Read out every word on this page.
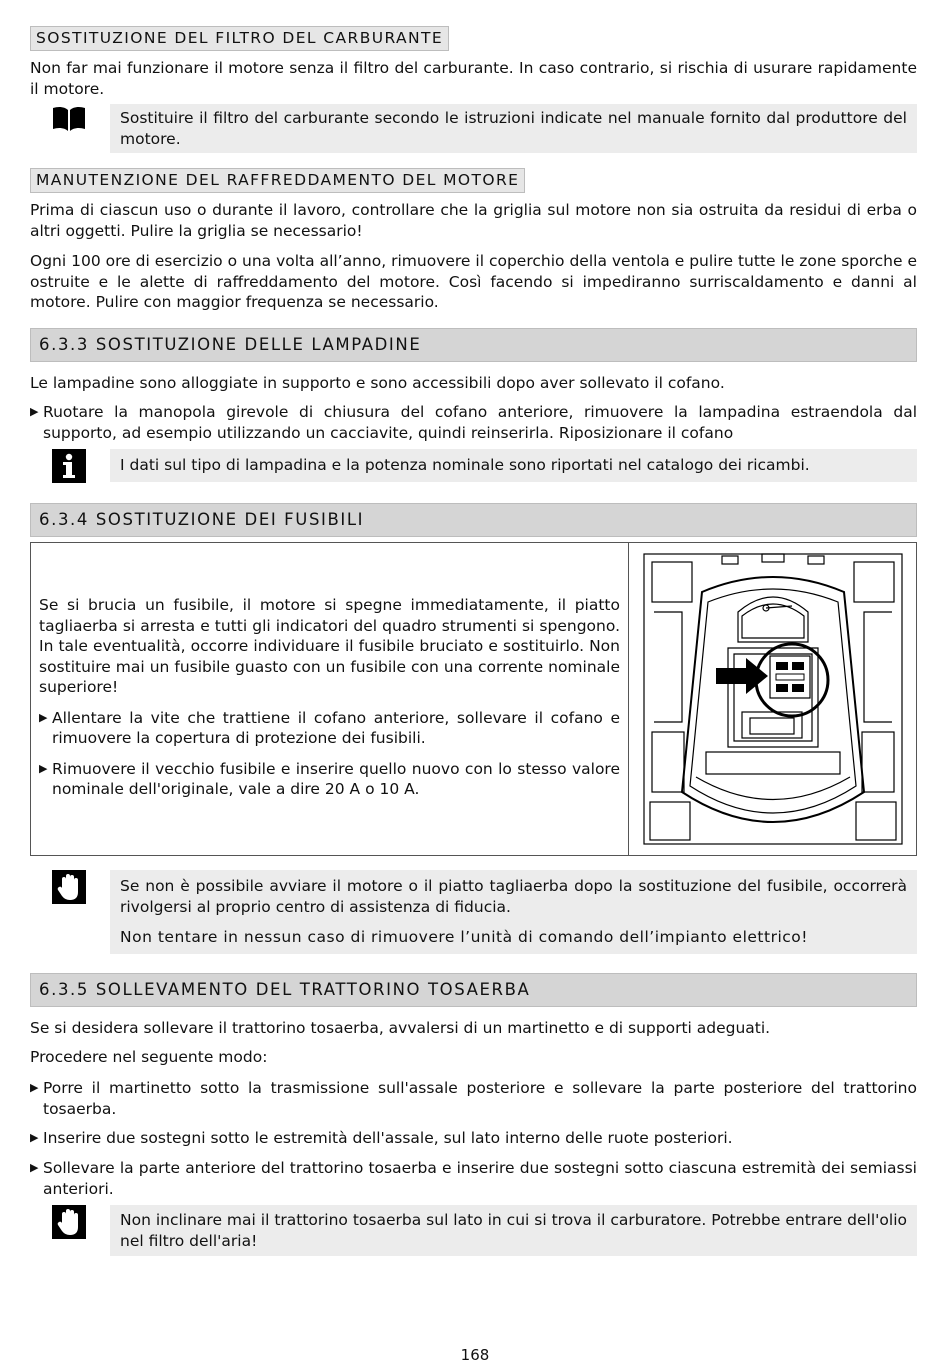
SOSTITUZIONE DEL FILTRO DEL CARBURANTE

Non far mai funzionare il motore senza il filtro del carburante. In caso contrario, si rischia di usurare rapidamente il motore.

Sostituire il filtro del carburante secondo le istruzioni indicate nel manuale fornito dal produttore del motore.

MANUTENZIONE DEL RAFFREDDAMENTO DEL MOTORE

Prima di ciascun uso o durante il lavoro, controllare che la griglia sul motore non sia ostruita da residui di erba o altri oggetti. Pulire la griglia se necessario!

Ogni 100 ore di esercizio o una volta all’anno, rimuovere il coperchio della ventola e pulire tutte le zone sporche e ostruite e le alette di raffreddamento del motore. Così facendo si impediranno surriscaldamento e danni al motore. Pulire con maggior frequenza se necessario.

6.3.3 SOSTITUZIONE DELLE LAMPADINE

Le lampadine sono alloggiate in supporto e sono accessibili dopo aver sollevato il cofano.

▶ Ruotare la manopola girevole di chiusura del cofano anteriore, rimuovere la lampadina estraendola dal supporto, ad esempio utilizzando un cacciavite, quindi reinserirla. Riposizionare il cofano

I dati sul tipo di lampadina e la potenza nominale sono riportati nel catalogo dei ricambi.

6.3.4 SOSTITUZIONE DEI FUSIBILI

Se si brucia un fusibile, il motore si spegne immediatamente, il piatto tagliaerba si arresta e tutti gli indicatori del quadro strumenti si spengono. In tale eventualità, occorre individuare il fusibile bruciato e sostituirlo. Non sostituire mai un fusibile guasto con un fusibile con una corrente nominale superiore!

▶ Allentare la vite che trattiene il cofano anteriore, sollevare il cofano e rimuovere la copertura di protezione dei fusibili.

▶ Rimuovere il vecchio fusibile e inserire quello nuovo con lo stesso valore nominale dell'originale, vale a dire 20 A o 10 A.

Se non è possibile avviare il motore o il piatto tagliaerba dopo la sostituzione del fusibile, occorrerà rivolgersi al proprio centro di assistenza di fiducia.

Non tentare in nessun caso di rimuovere l’unità di comando dell’impianto elettrico!

6.3.5 SOLLEVAMENTO DEL TRATTORINO TOSAERBA

Se si desidera sollevare il trattorino tosaerba, avvalersi di un martinetto e di supporti adeguati.

Procedere nel seguente modo:

▶ Porre il martinetto sotto la trasmissione sull'assale posteriore e sollevare la parte posteriore del trattorino tosaerba.

▶ Inserire due sostegni sotto le estremità dell'assale, sul lato interno delle ruote posteriori.

▶ Sollevare la parte anteriore del trattorino tosaerba e inserire due sostegni sotto ciascuna estremità dei semiassi anteriori.

Non inclinare mai il trattorino tosaerba sul lato in cui si trova il carburatore. Potrebbe entrare dell'olio nel filtro dell'aria!

168
